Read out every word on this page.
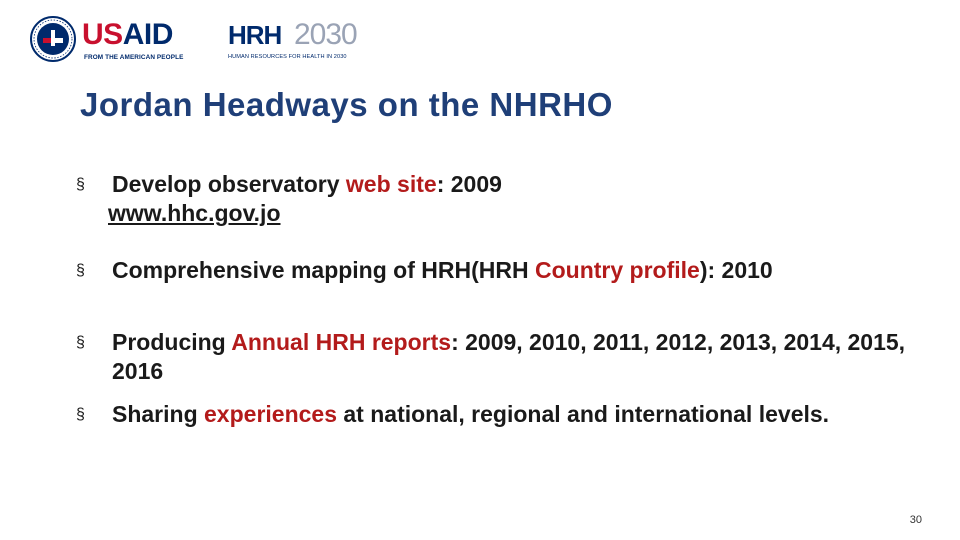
USAID
FROM THE AMERICAN PEOPLE
HRH 2030
HUMAN RESOURCES FOR HEALTH IN 2030
Jordan Headways on the NHRHO
§ Develop observatory web site: 2009
www.hhc.gov.jo
§ Comprehensive mapping of HRH(HRH Country profile): 2010
§ Producing Annual HRH reports: 2009, 2010, 2011, 2012, 2013, 2014, 2015, 2016
§ Sharing experiences at national, regional and international levels.
30
